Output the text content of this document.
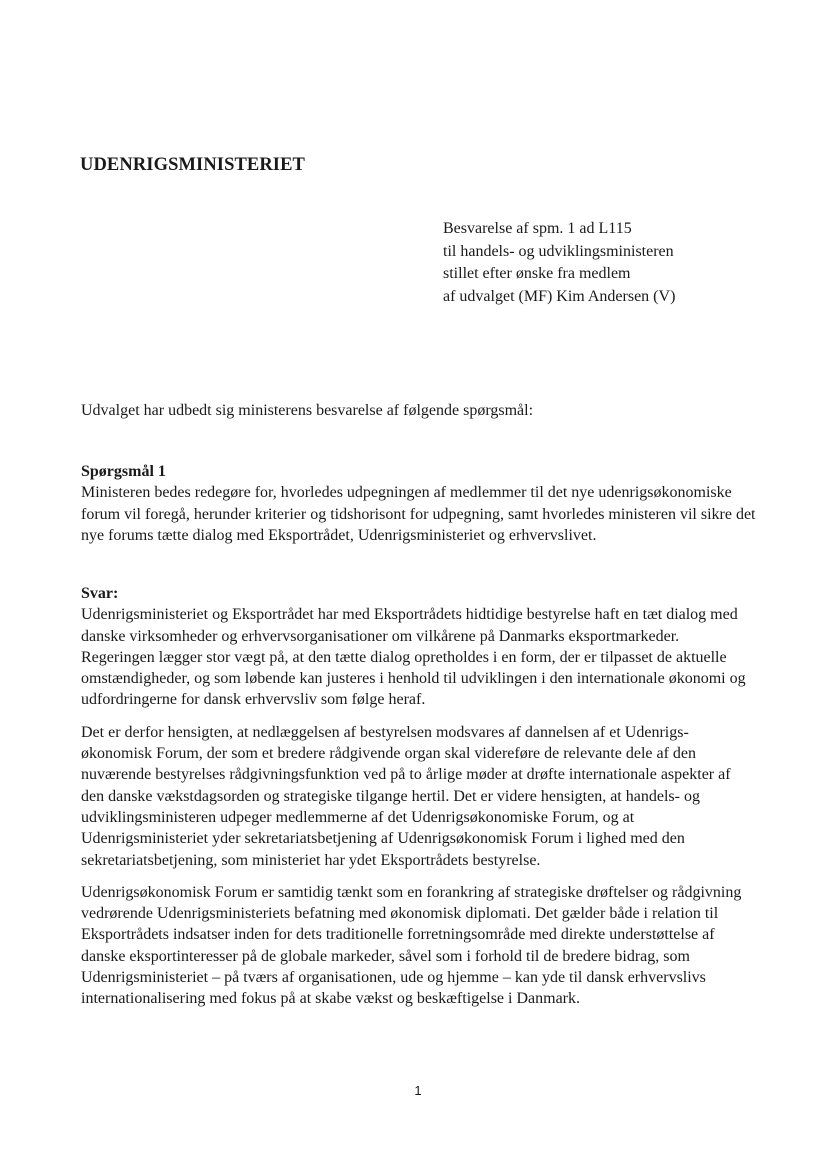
UDENRIGSMINISTERIET
Besvarelse af spm. 1 ad L115
til handels- og udviklingsministeren
stillet efter ønske fra medlem
af udvalget (MF) Kim Andersen (V)

Udvalget har udbedt sig ministerens besvarelse af følgende spørgsmål:

Spørgsmål 1

Ministeren bedes redegøre for, hvorledes udpegningen af medlemmer til det nye udenrigsøkonomiske forum vil foregå, herunder kriterier og tidshorisont for udpegning, samt hvorledes ministeren vil sikre det nye forums tætte dialog med Eksportrådet, Udenrigsministeriet og erhvervslivet.

Svar:

Udenrigsministeriet og Eksportrådet har med Eksportrådets hidtidige bestyrelse haft en tæt dialog med danske virksomheder og erhvervsorganisationer om vilkårene på Danmarks eksportmarkeder. Regeringen lægger stor vægt på, at den tætte dialog opretholdes i en form, der er tilpasset de aktuelle omstændigheder, og som løbende kan justeres i henhold til udviklingen i den internationale økonomi og udfordringerne for dansk erhvervsliv som følge heraf.

Det er derfor hensigten, at nedlæggelsen af bestyrelsen modsvares af dannelsen af et Udenrigs-økonomisk Forum, der som et bredere rådgivende organ skal videreføre de relevante dele af den nuværende bestyrelses rådgivningsfunktion ved på to årlige møder at drøfte internationale aspekter af den danske vækstdagsorden og strategiske tilgange hertil. Det er videre hensigten, at handels- og udviklingsministeren udpeger medlemmerne af det Udenrigsøkonomiske Forum, og at Udenrigsministeriet yder sekretariatsbetjening af Udenrigsøkonomisk Forum i lighed med den sekretariatsbetjening, som ministeriet har ydet Eksportrådets bestyrelse.

Udenrigsøkonomisk Forum er samtidig tænkt som en forankring af strategiske drøftelser og rådgivning vedrørende Udenrigsministeriets befatning med økonomisk diplomati. Det gælder både i relation til Eksportrådets indsatser inden for dets traditionelle forretningsområde med direkte understøttelse af danske eksportinteresser på de globale markeder, såvel som i forhold til de bredere bidrag, som Udenrigsministeriet – på tværs af organisationen, ude og hjemme – kan yde til dansk erhvervslivs internationalisering med fokus på at skabe vækst og beskæftigelse i Danmark.

1
